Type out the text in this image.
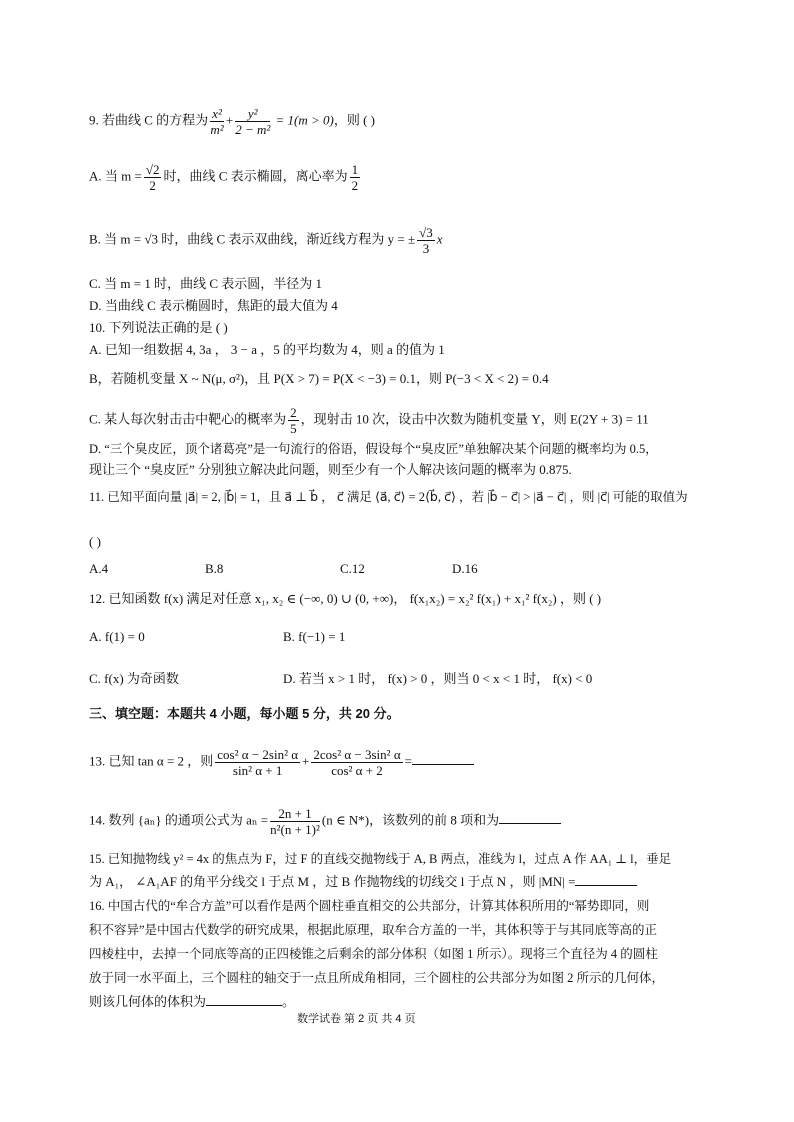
9. 若曲线 C 的方程为 $\frac{\text{x²}}{\text{m²}} + \frac{\text{y²}}{\text{2 − m²}} = 1(m > 0)$，则 ( )
A. 当 $m = \frac{√2}{2}$ 时，曲线 C 表示椭圆，离心率为 $\frac{1}{2}$
B. 当 m = √3 时，曲线 C 表示双曲线，渐近线方程为 y = ± $\frac{√3}{3}$ x
C. 当 m = 1 时，曲线 C 表示圆，半径为 1
D. 当曲线 C 表示椭圆时，焦距的最大值为 4
10. 下列说法正确的是 ( )
A. 已知一组数据 4, 3a ， 3 − a ，5 的平均数为 4，则 a 的值为 1
B，若随机变量 X ~ N(μ, σ²)，且 P(X > 7) = P(X < −3) = 0.1，则 P(−3 < X < 2) = 0.4
C. 某人每次射击击中靶心的概率为 $\frac{2}{5}$ ，现射击 10 次，设击中次数为随机变量 Y，则 E(2Y + 3) = 11
D. “三个臭皮匠，顶个诸葛亮”是一句流行的俗语，假设每个“臭皮匠”单独解决某个问题的概率均为 0.5，
现让三个 “臭皮匠” 分别独立解决此问题，则至少有一个人解决该问题的概率为 0.875.
11. 已知平面向量 |a⃗| = 2, |b⃗| = 1，且 a⃗ ⊥ b⃗ ， c⃗ 满足 ⟨a⃗, c⃗⟩ = 2⟨b⃗, c⃗⟩ ，若 |b⃗ − c⃗| > |a⃗ − c⃗| ，则 |c⃗| 可能的取值为
( )
A.4	B.8	C.12	D.16
12. 已知函数 f(x) 满足对任意 x₁, x₂ ∈ (−∞, 0) ∪ (0, +∞)， f(x₁x₂) = x₂² f(x₁) + x₁² f(x₂) ，则 ( )
A. f(1) = 0	B. f(−1) = 1
C. f(x) 为奇函数	D. 若当 x > 1 时， f(x) > 0 ，则当 0 < x < 1 时， f(x) < 0
三、填空题：本题共 4 小题，每小题 5 分，共 20 分。
13. 已知 tan α = 2 ，则 $\frac{\text{cos² α − 2sin² α}}{\text{sin² α + 1}} + \frac{\text{2cos² α − 3sin² α}}{\text{cos² α + 2}}$ =
14. 数列 {aₙ} 的通项公式为 $a_n = \frac{2n + 1}{\text{n²(n + 1)²}} (n$ ∈ N*)，该数列的前 8 项和为
15. 已知抛物线 y² = 4x 的焦点为 F，过 F 的直线交抛物线于 A, B 两点，准线为 l，过点 A 作 AA₁ ⊥ l，垂足
为 A₁， ∠A₁AF 的角平分线交 l 于点 M ，过 B 作抛物线的切线交 l 于点 N ，则 |MN| =
16. 中国古代的“牟合方盖”可以看作是两个圆柱垂直相交的公共部分，计算其体积所用的“幂势即同，则
积不容异”是中国古代数学的研究成果，根据此原理，取牟合方盖的一半，其体积等于与其同底等高的正
四棱柱中，去掉一个同底等高的正四棱锥之后剩余的部分体积（如图 1 所示）。现将三个直径为 4 的圆柱
放于同一水平面上，三个圆柱的轴交于一点且所成角相同，三个圆柱的公共部分为如图 2 所示的几何体，
则该几何体的体积为	。
数学试卷 第 2 页 共 4 页
